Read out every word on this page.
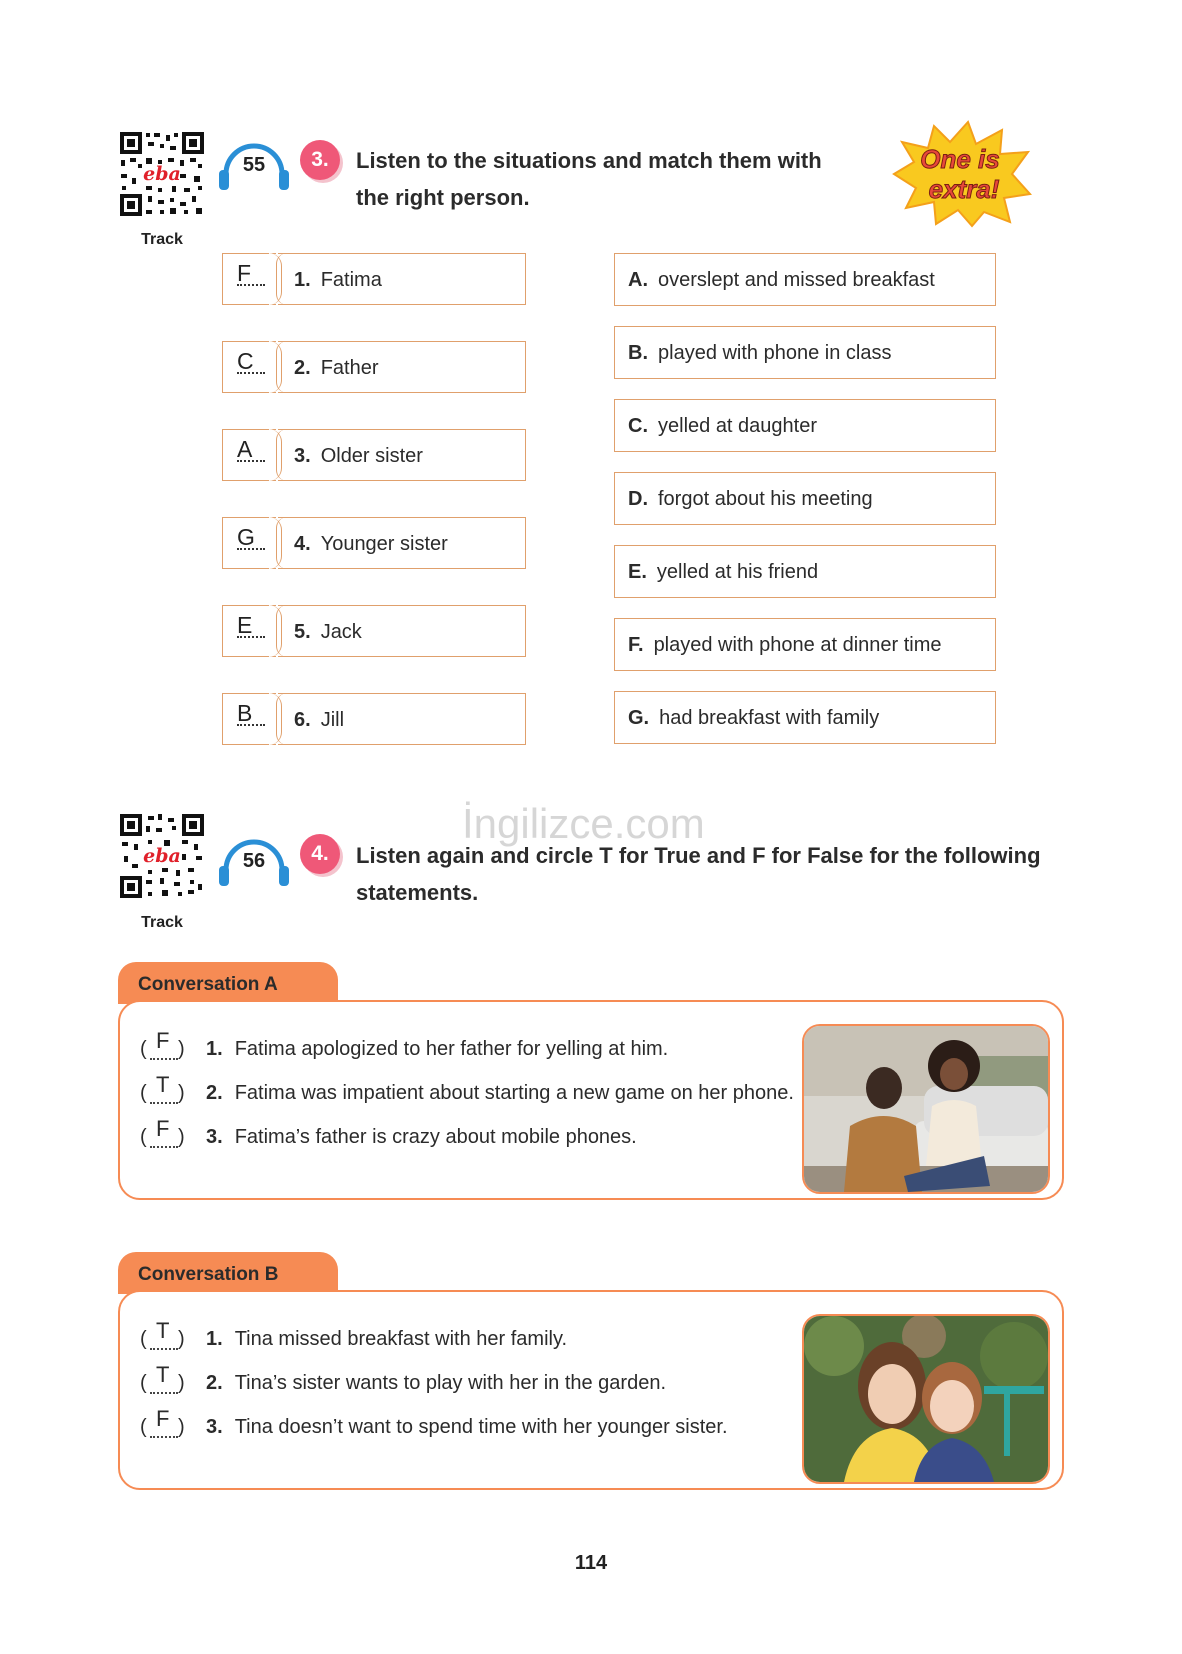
eba
Track
55	3.	Listen to the situations and match them with
the right person.
One is
extra!
F 1. Fatima
C 2. Father
A 3. Older sister
G 4. Younger sister
E 5. Jack
B 6. Jill
A. overslept and missed breakfast
B. played with phone in class
C. yelled at daughter
D. forgot about his meeting
E. yelled at his friend
F. played with phone at dinner time
G. had breakfast with family
eba
Track
56	4.	Listen again and circle T for True and F for False for the following
statements.
İngilizce.com
Conversation A
( F ) 1. Fatima apologized to her father for yelling at him.
( T ) 2. Fatima was impatient about starting a new game on her phone.
( F ) 3. Fatima’s father is crazy about mobile phones.
Conversation B
( T ) 1. Tina missed breakfast with her family.
( T ) 2. Tina’s sister wants to play with her in the garden.
( F ) 3. Tina doesn’t want to spend time with her younger sister.
114
